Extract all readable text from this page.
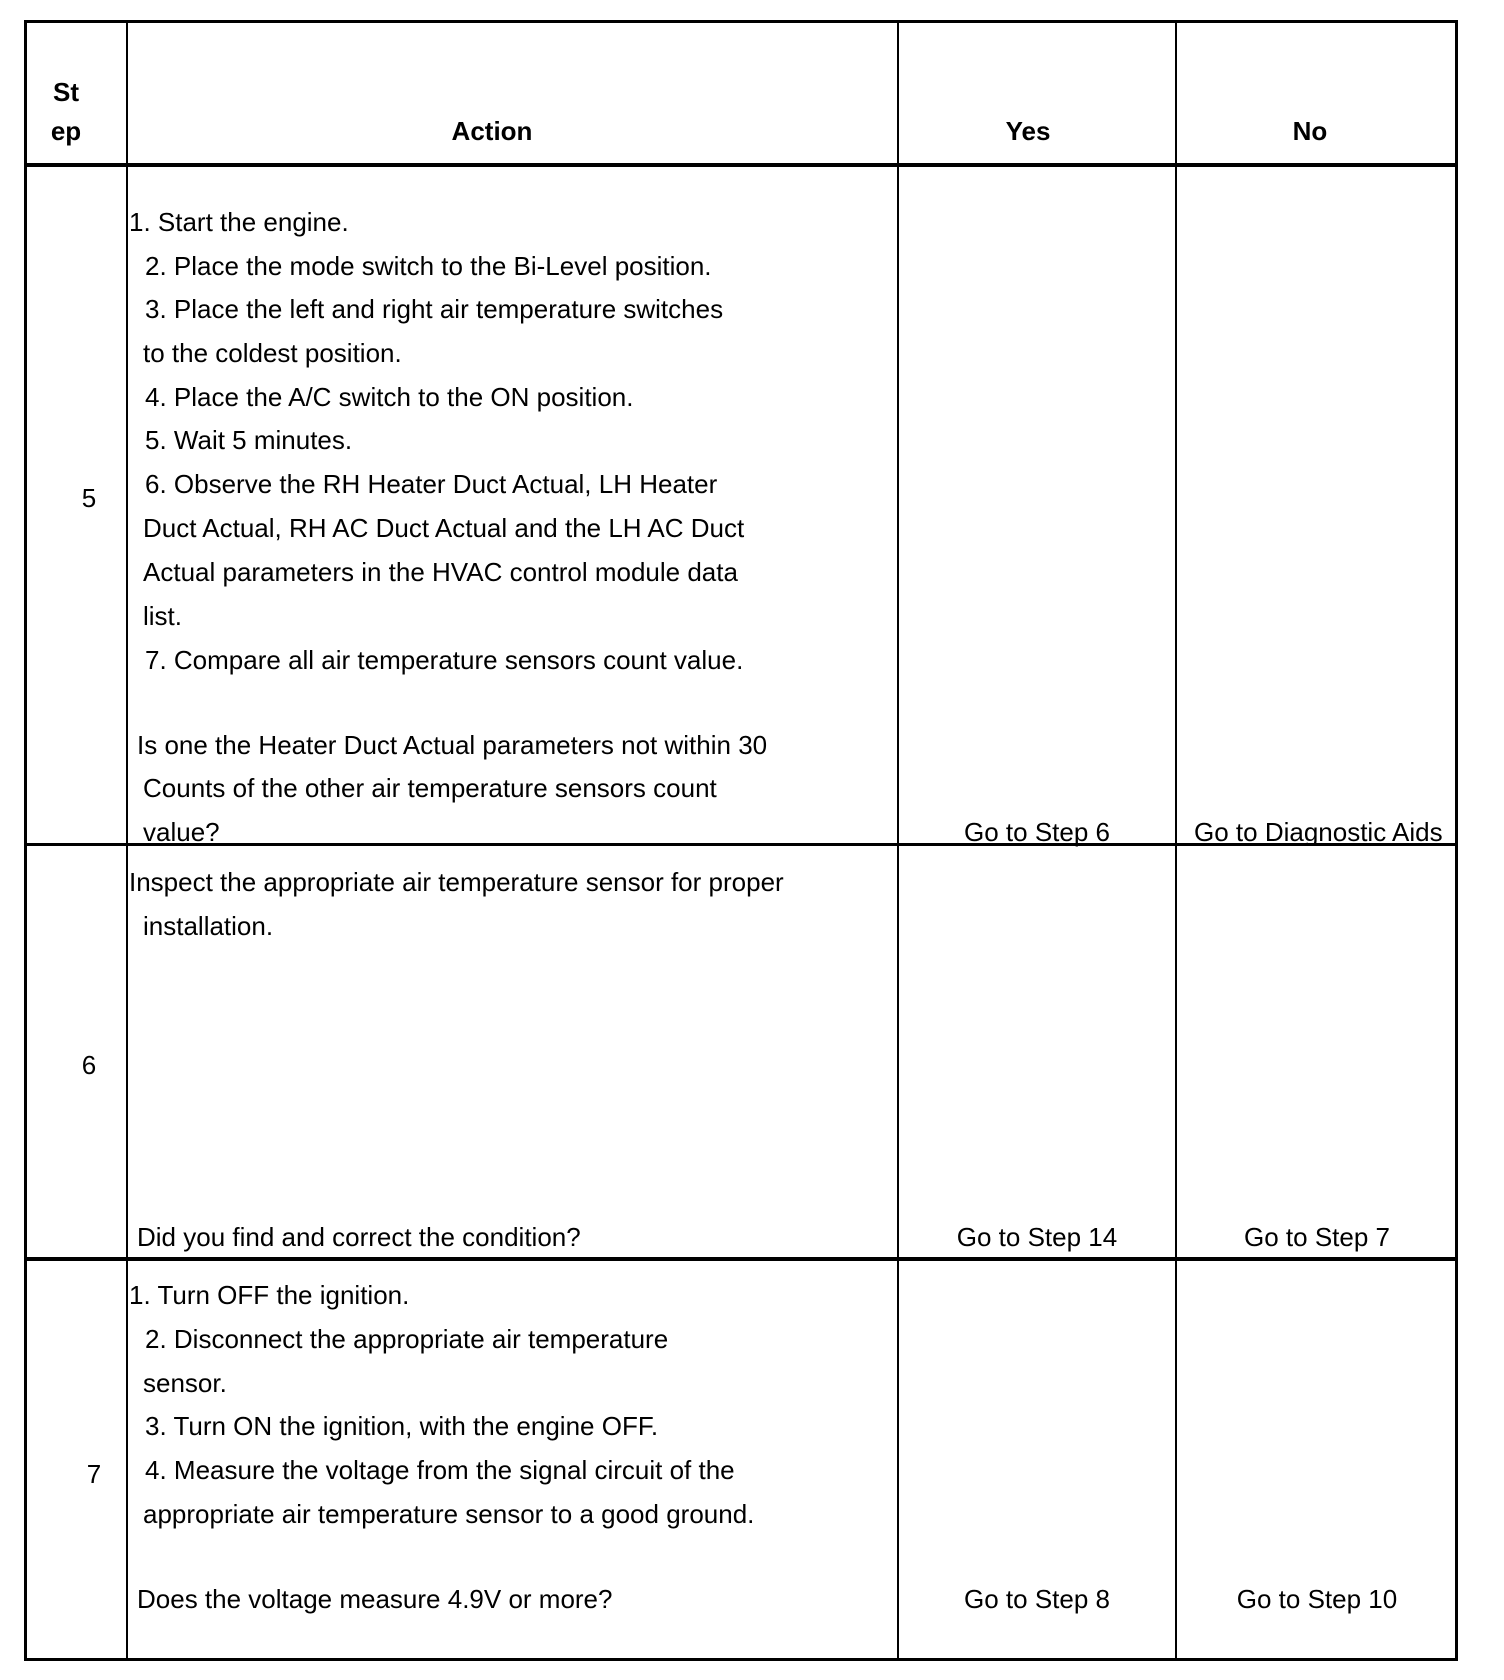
St
ep	Action	Yes	No
5
1. Start the engine.
2. Place the mode switch to the Bi-Level position.
3. Place the left and right air temperature switches
to the coldest position.
4. Place the A/C switch to the ON position.
5. Wait 5 minutes.
6. Observe the RH Heater Duct Actual, LH Heater
Duct Actual, RH AC Duct Actual and the LH AC Duct
Actual parameters in the HVAC control module data
list.
7. Compare all air temperature sensors count value.
Is one the Heater Duct Actual parameters not within 30
Counts of the other air temperature sensors count
value?	Go to Step 6	Go to Diagnostic Aids
6
Inspect the appropriate air temperature sensor for proper
installation.
Did you find and correct the condition?	Go to Step 14	Go to Step 7
7
1. Turn OFF the ignition.
2. Disconnect the appropriate air temperature
sensor.
3. Turn ON the ignition, with the engine OFF.
4. Measure the voltage from the signal circuit of the
appropriate air temperature sensor to a good ground.
Does the voltage measure 4.9V or more?	Go to Step 8	Go to Step 10
